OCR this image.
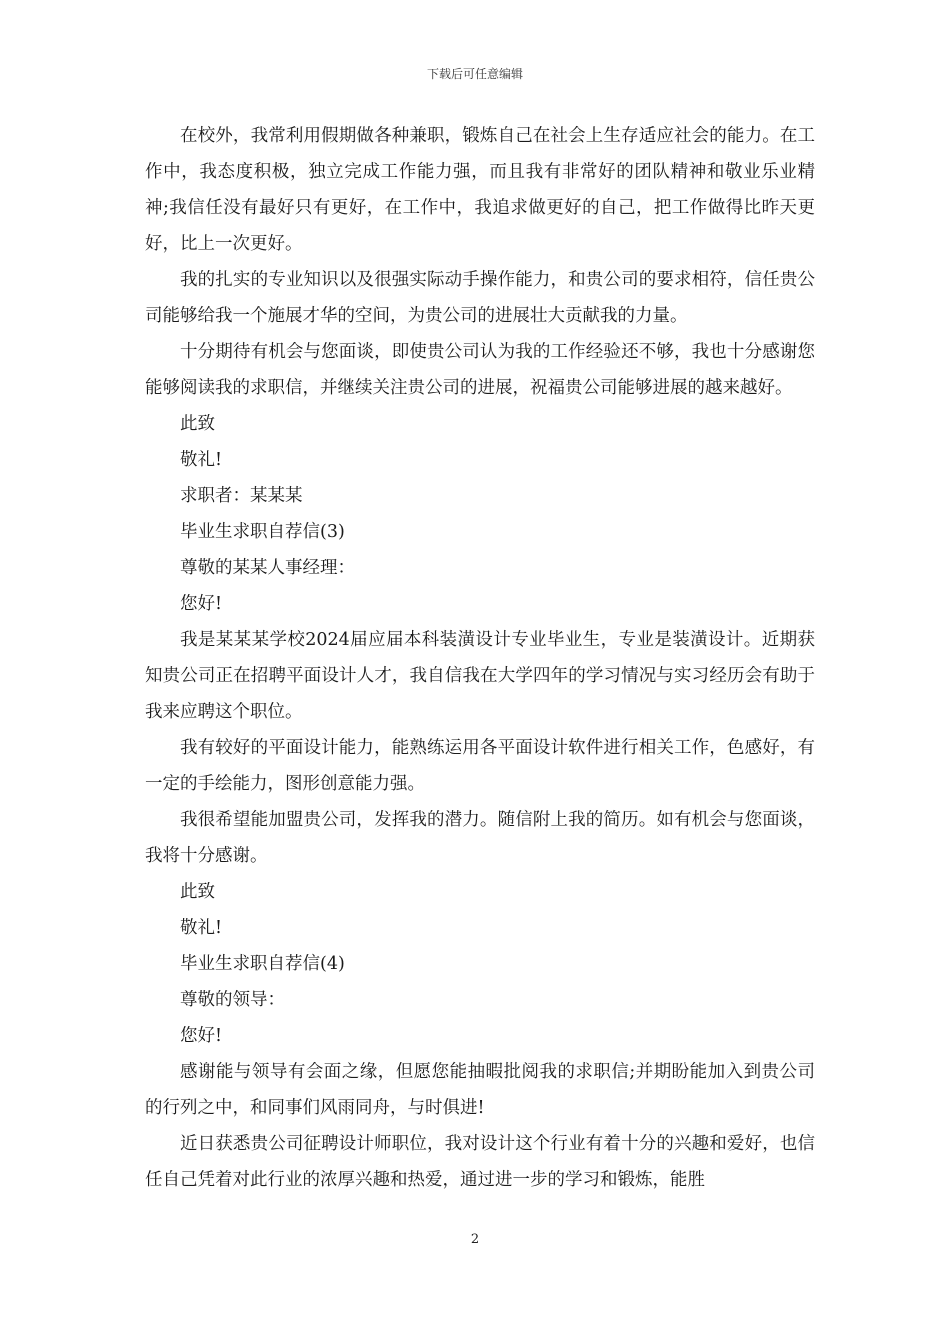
下载后可任意编辑

在校外，我常利用假期做各种兼职，锻炼自己在社会上生存适应社会的能力。在工作中，我态度积极，独立完成工作能力强，而且我有非常好的团队精神和敬业乐业精神;我信任没有最好只有更好，在工作中，我追求做更好的自己，把工作做得比昨天更好，比上一次更好。

我的扎实的专业知识以及很强实际动手操作能力，和贵公司的要求相符，信任贵公司能够给我一个施展才华的空间，为贵公司的进展壮大贡献我的力量。

十分期待有机会与您面谈，即使贵公司认为我的工作经验还不够，我也十分感谢您能够阅读我的求职信，并继续关注贵公司的进展，祝福贵公司能够进展的越来越好。

此致

敬礼!

求职者：某某某

毕业生求职自荐信(3)

尊敬的某某人事经理：

您好!

我是某某某学校2024届应届本科装潢设计专业毕业生，专业是装潢设计。近期获知贵公司正在招聘平面设计人才，我自信我在大学四年的学习情况与实习经历会有助于我来应聘这个职位。

我有较好的平面设计能力，能熟练运用各平面设计软件进行相关工作，色感好，有一定的手绘能力，图形创意能力强。

我很希望能加盟贵公司，发挥我的潜力。随信附上我的简历。如有机会与您面谈，我将十分感谢。

此致

敬礼!

毕业生求职自荐信(4)

尊敬的领导：

您好!

感谢能与领导有会面之缘，但愿您能抽暇批阅我的求职信;并期盼能加入到贵公司的行列之中，和同事们风雨同舟，与时俱进!

近日获悉贵公司征聘设计师职位，我对设计这个行业有着十分的兴趣和爱好，也信任自己凭着对此行业的浓厚兴趣和热爱，通过进一步的学习和锻炼，能胜

2
